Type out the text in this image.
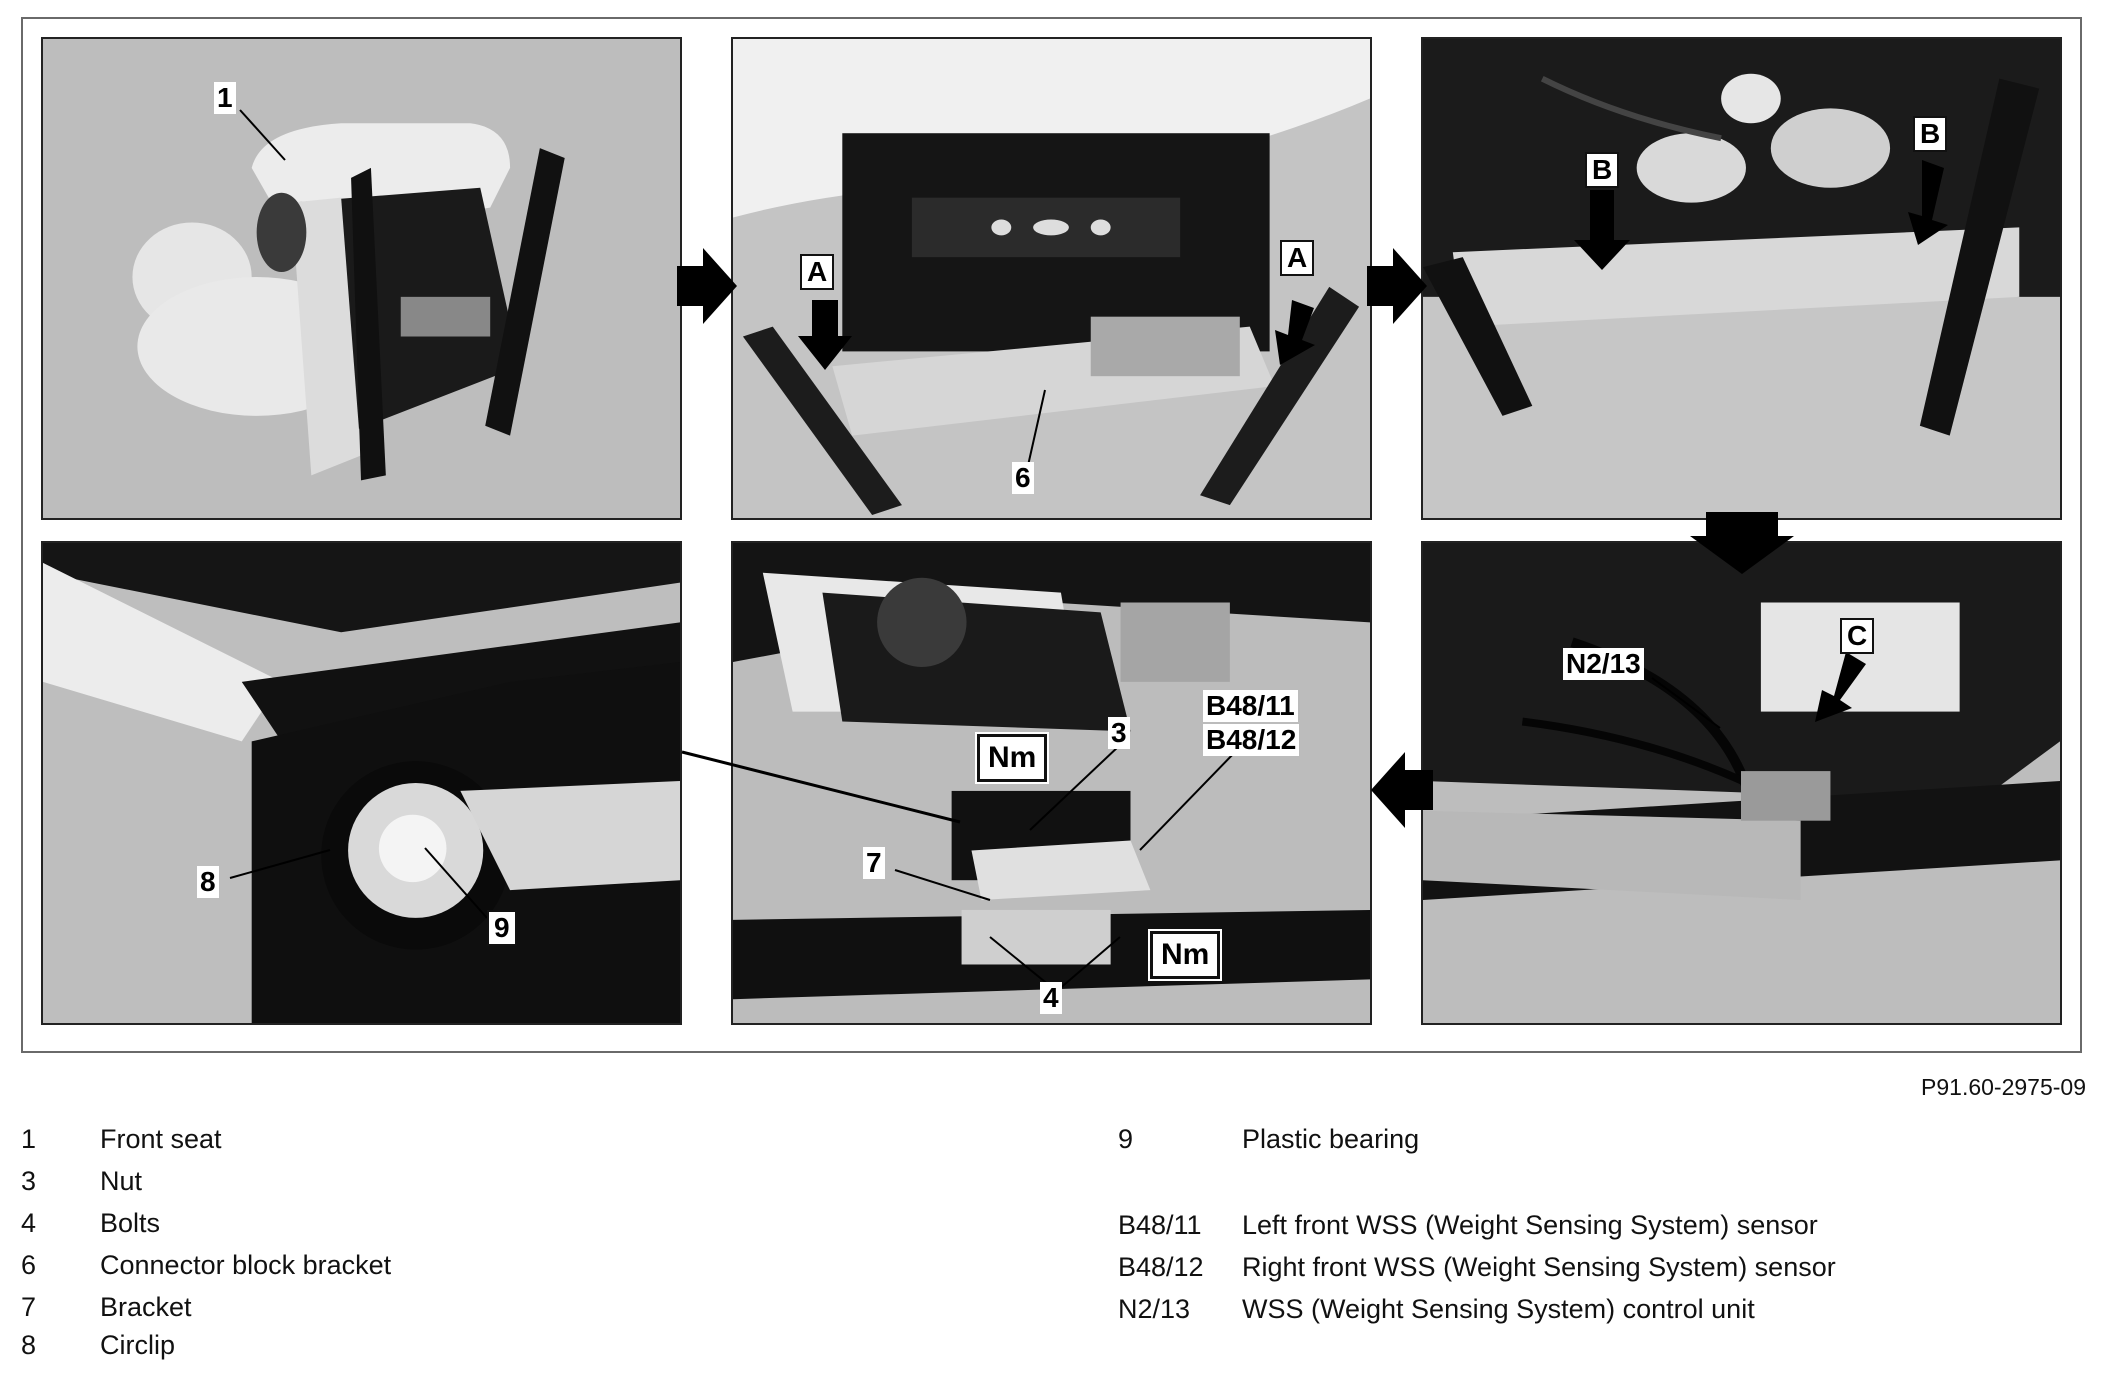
1
A	A
6
B
B
N2/13
C
3
B48/11
B48/12
7
4
Nm
Nm
8
9
P91.60-2975-09
1 Front seat
3 Nut
4 Bolts
6 Connector block bracket
7 Bracket
8 Circlip
9	Plastic bearing
B48/11 Left front WSS (Weight Sensing System) sensor
B48/12 Right front WSS (Weight Sensing System) sensor
N2/13 WSS (Weight Sensing System) control unit
